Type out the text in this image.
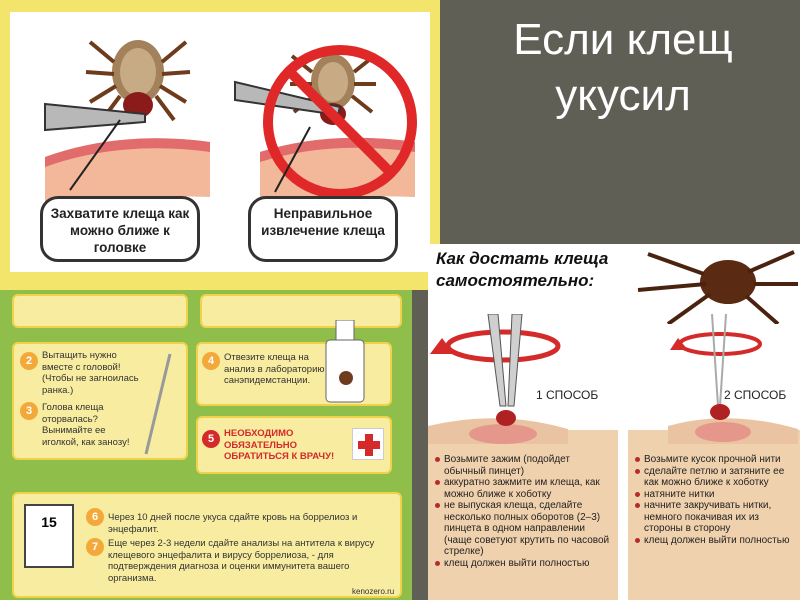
Если клещ
укусил
Захватите клеща как можно ближе к головке
Неправильное извлечение клеща
2	Вытащить нужно вместе с головой! (Чтобы не загноилась ранка.)
3	Голова клеща оторвалась? Вынимайте ее иголкой, как занозу!
4	Отвезите клеща на анализ в лабораторию санэпидемстанции.
5	НЕОБХОДИМО ОБЯЗАТЕЛЬНО ОБРАТИТЬСЯ К ВРАЧУ!
15	6	Через 10 дней после укуса сдайте кровь на боррелиоз и энцефалит.
7	Еще через 2-3 недели сдайте анализы на антитела к вирусу клещевого энцефалита и вирусу боррелиоза, - для подтверждения диагноза и оценки иммунитета вашего организма.
kenozero.ru
Как достать клеща самостоятельно:
1 СПОСОБ	2 СПОСОБ
Возьмите зажим (подойдет обычный пинцет)
аккуратно зажмите им клеща, как можно ближе к хоботку
не выпуская клеща, сделайте несколько полных оборотов (2–3) пинцета в одном направлении (чаще советуют крутить по часовой стрелке)
клещ должен выйти полностью
Возьмите кусок прочной нити
сделайте петлю и затяните ее как можно ближе к хоботку
натяните нитки
начните закручивать нитки, немного покачивая их из стороны в сторону
клещ должен выйти полностью
